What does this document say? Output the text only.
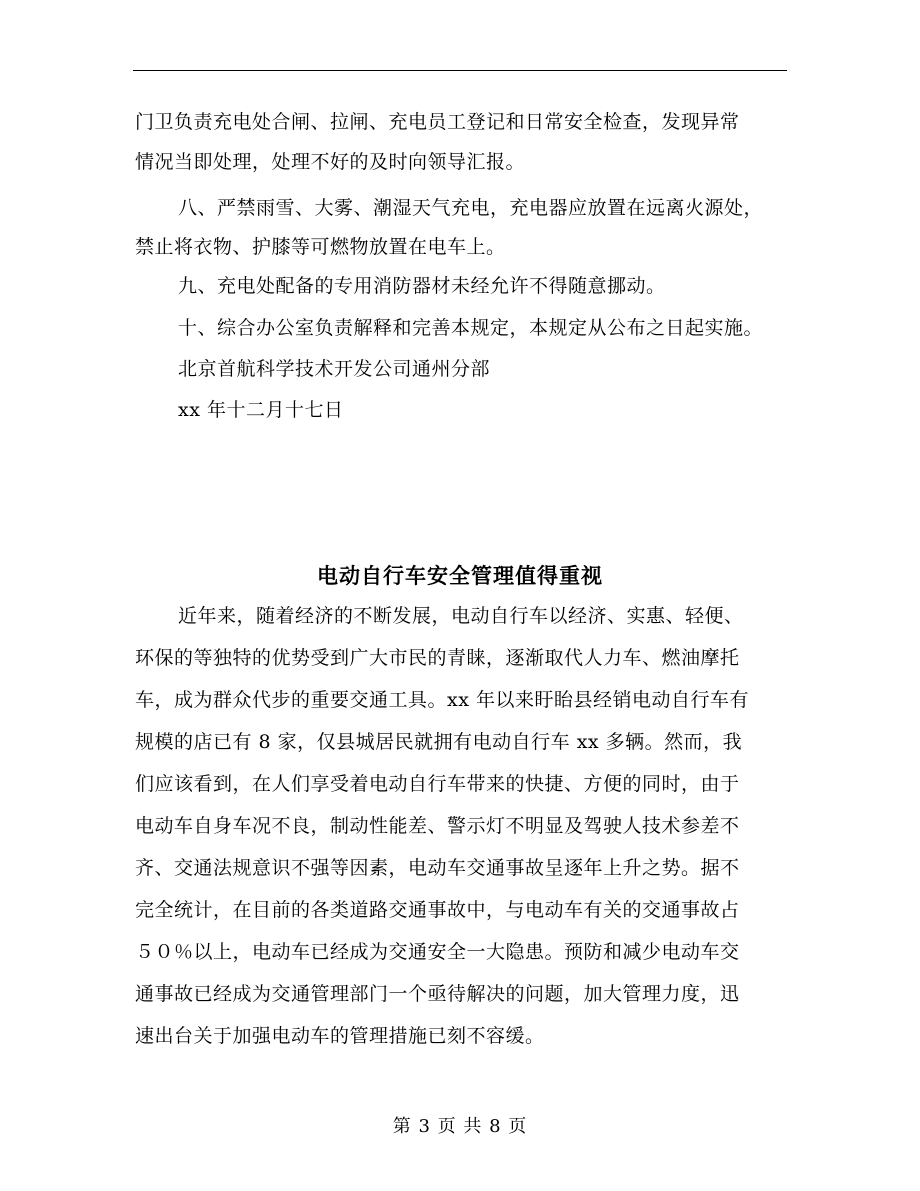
门卫负责充电处合闸、拉闸、充电员工登记和日常安全检查，发现异常
情况当即处理，处理不好的及时向领导汇报。
八、严禁雨雪、大雾、潮湿天气充电，充电器应放置在远离火源处，
禁止将衣物、护膝等可燃物放置在电车上。
九、充电处配备的专用消防器材未经允许不得随意挪动。
十、综合办公室负责解释和完善本规定，本规定从公布之日起实施。
北京首航科学技术开发公司通州分部
xx 年十二月十七日
电动自行车安全管理值得重视
近年来，随着经济的不断发展，电动自行车以经济、实惠、轻便、
环保的等独特的优势受到广大市民的青睐，逐渐取代人力车、燃油摩托
车，成为群众代步的重要交通工具。xx 年以来盱眙县经销电动自行车有
规模的店已有 8 家，仅县城居民就拥有电动自行车 xx 多辆。然而，我
们应该看到，在人们享受着电动自行车带来的快捷、方便的同时，由于
电动车自身车况不良，制动性能差、警示灯不明显及驾驶人技术参差不
齐、交通法规意识不强等因素，电动车交通事故呈逐年上升之势。据不
完全统计，在目前的各类道路交通事故中，与电动车有关的交通事故占
５０％以上，电动车已经成为交通安全一大隐患。预防和减少电动车交
通事故已经成为交通管理部门一个亟待解决的问题，加大管理力度，迅
速出台关于加强电动车的管理措施已刻不容缓。
第 3 页 共 8 页
